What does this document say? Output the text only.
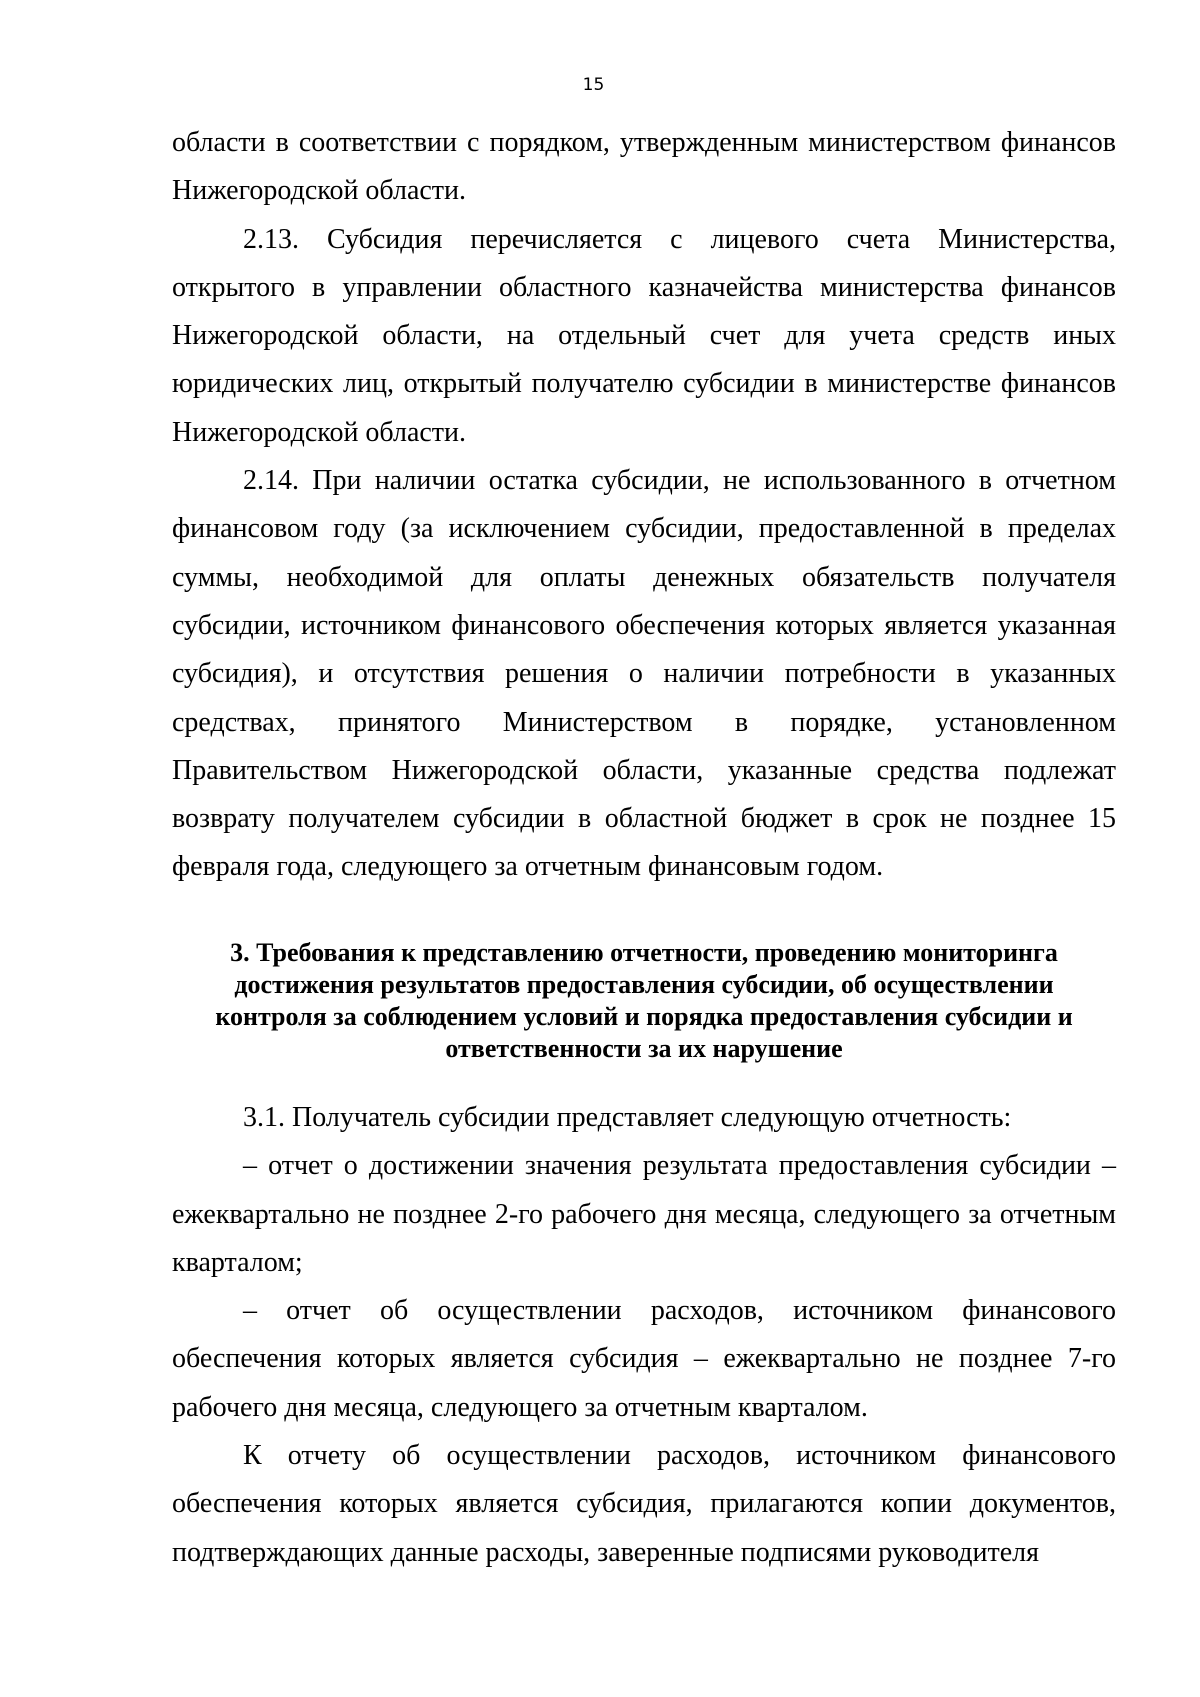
15

области в соответствии с порядком, утвержденным министерством финансов Нижегородской области.

2.13. Субсидия перечисляется с лицевого счета Министерства, открытого в управлении областного казначейства министерства финансов Нижегородской области, на отдельный счет для учета средств иных юридических лиц, открытый получателю субсидии в министерстве финансов Нижегородской области.

2.14. При наличии остатка субсидии, не использованного в отчетном финансовом году (за исключением субсидии, предоставленной в пределах суммы, необходимой для оплаты денежных обязательств получателя субсидии, источником финансового обеспечения которых является указанная субсидия), и отсутствия решения о наличии потребности в указанных средствах, принятого Министерством в порядке, установленном Правительством Нижегородской области, указанные средства подлежат возврату получателем субсидии в областной бюджет в срок не позднее 15 февраля года, следующего за отчетным финансовым годом.

3. Требования к представлению отчетности, проведению мониторинга
достижения результатов предоставления субсидии, об осуществлении
контроля за соблюдением условий и порядка предоставления субсидии и
ответственности за их нарушение

3.1. Получатель субсидии представляет следующую отчетность:

– отчет о достижении значения результата предоставления субсидии – ежеквартально не позднее 2-го рабочего дня месяца, следующего за отчетным кварталом;

– отчет об осуществлении расходов, источником финансового обеспечения которых является субсидия – ежеквартально не позднее 7-го рабочего дня месяца, следующего за отчетным кварталом.

К отчету об осуществлении расходов, источником финансового обеспечения которых является субсидия, прилагаются копии документов, подтверждающих данные расходы, заверенные подписями руководителя
